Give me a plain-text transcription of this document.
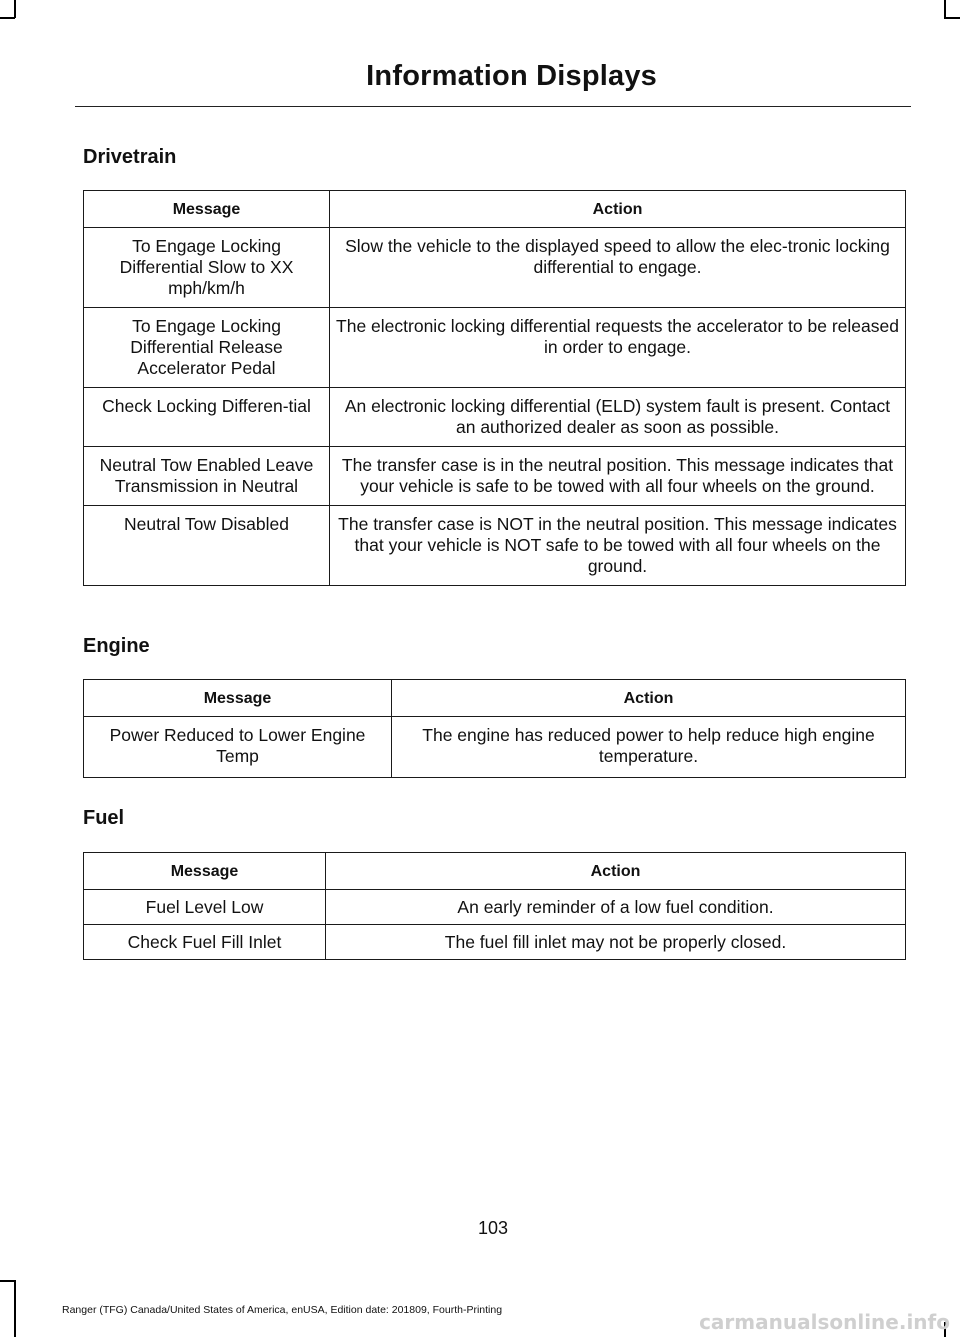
Information Displays
Drivetrain
Message	Action
To Engage Locking Differential Slow to XX mph/km/h	Slow the vehicle to the displayed speed to allow the elec-tronic locking differential to engage.
To Engage Locking Differential Release Accelerator Pedal	The electronic locking differential requests the accelerator to be released in order to engage.
Check Locking Differen-tial	An electronic locking differential (ELD) system fault is present. Contact an authorized dealer as soon as possible.
Neutral Tow Enabled Leave Transmission in Neutral	The transfer case is in the neutral position. This message indicates that your vehicle is safe to be towed with all four wheels on the ground.
Neutral Tow Disabled	The transfer case is NOT in the neutral position. This message indicates that your vehicle is NOT safe to be towed with all four wheels on the ground.
Engine
Message	Action
Power Reduced to Lower Engine Temp	The engine has reduced power to help reduce high engine temperature.
Fuel
Message	Action
Fuel Level Low	An early reminder of a low fuel condition.
Check Fuel Fill Inlet	The fuel fill inlet may not be properly closed.
103
Ranger (TFG) Canada/United States of America, enUSA, Edition date: 201809, Fourth-Printing	carmanualsonline.info
